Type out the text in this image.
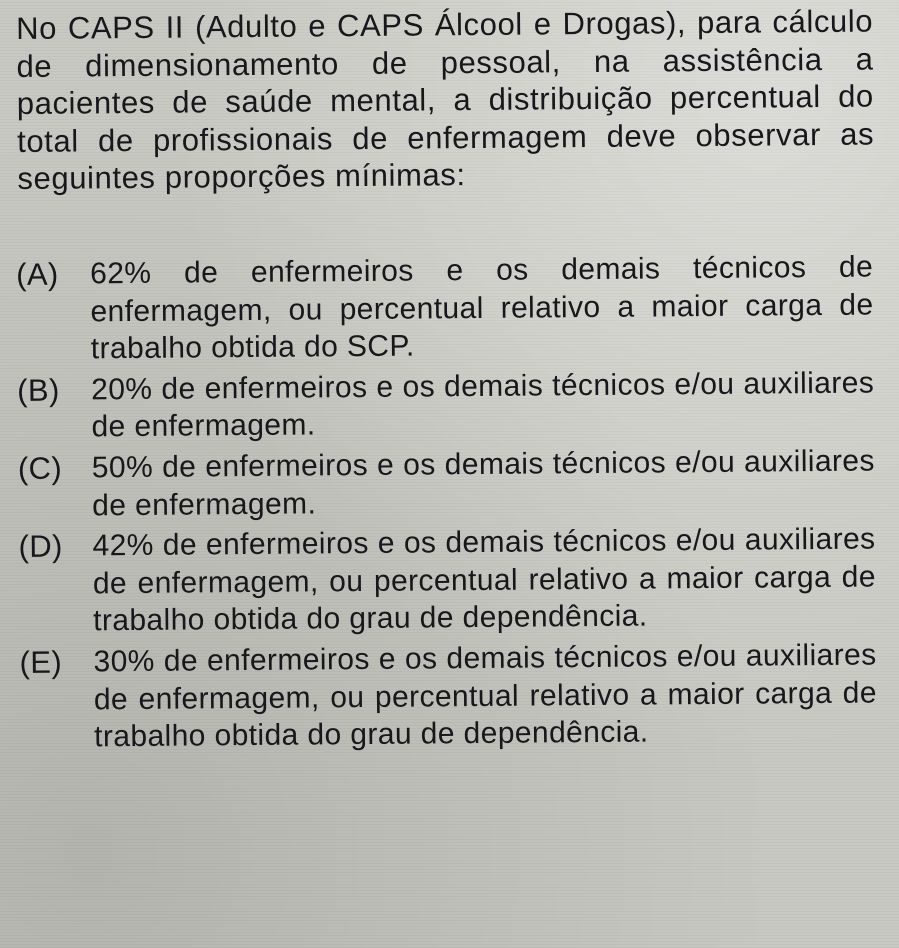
No CAPS II (Adulto e CAPS Álcool e Drogas), para cálculo de dimensionamento de pessoal, na assistência a pacientes de saúde mental, a distribuição percentual do total de profissionais de enfermagem deve observar as seguintes proporções mínimas:

(A)	62% de enfermeiros e os demais técnicos de enfermagem, ou percentual relativo a maior carga de trabalho obtida do SCP.
(B)	20% de enfermeiros e os demais técnicos e/ou auxiliares de enfermagem.
(C) 50% de enfermeiros e os demais técnicos e/ou auxiliares de enfermagem.
(D) 42% de enfermeiros e os demais técnicos e/ou auxiliares de enfermagem, ou percentual relativo a maior carga de trabalho obtida do grau de dependência.
(E)	30% de enfermeiros e os demais técnicos e/ou auxiliares de enfermagem, ou percentual relativo a maior carga de trabalho obtida do grau de dependência.
